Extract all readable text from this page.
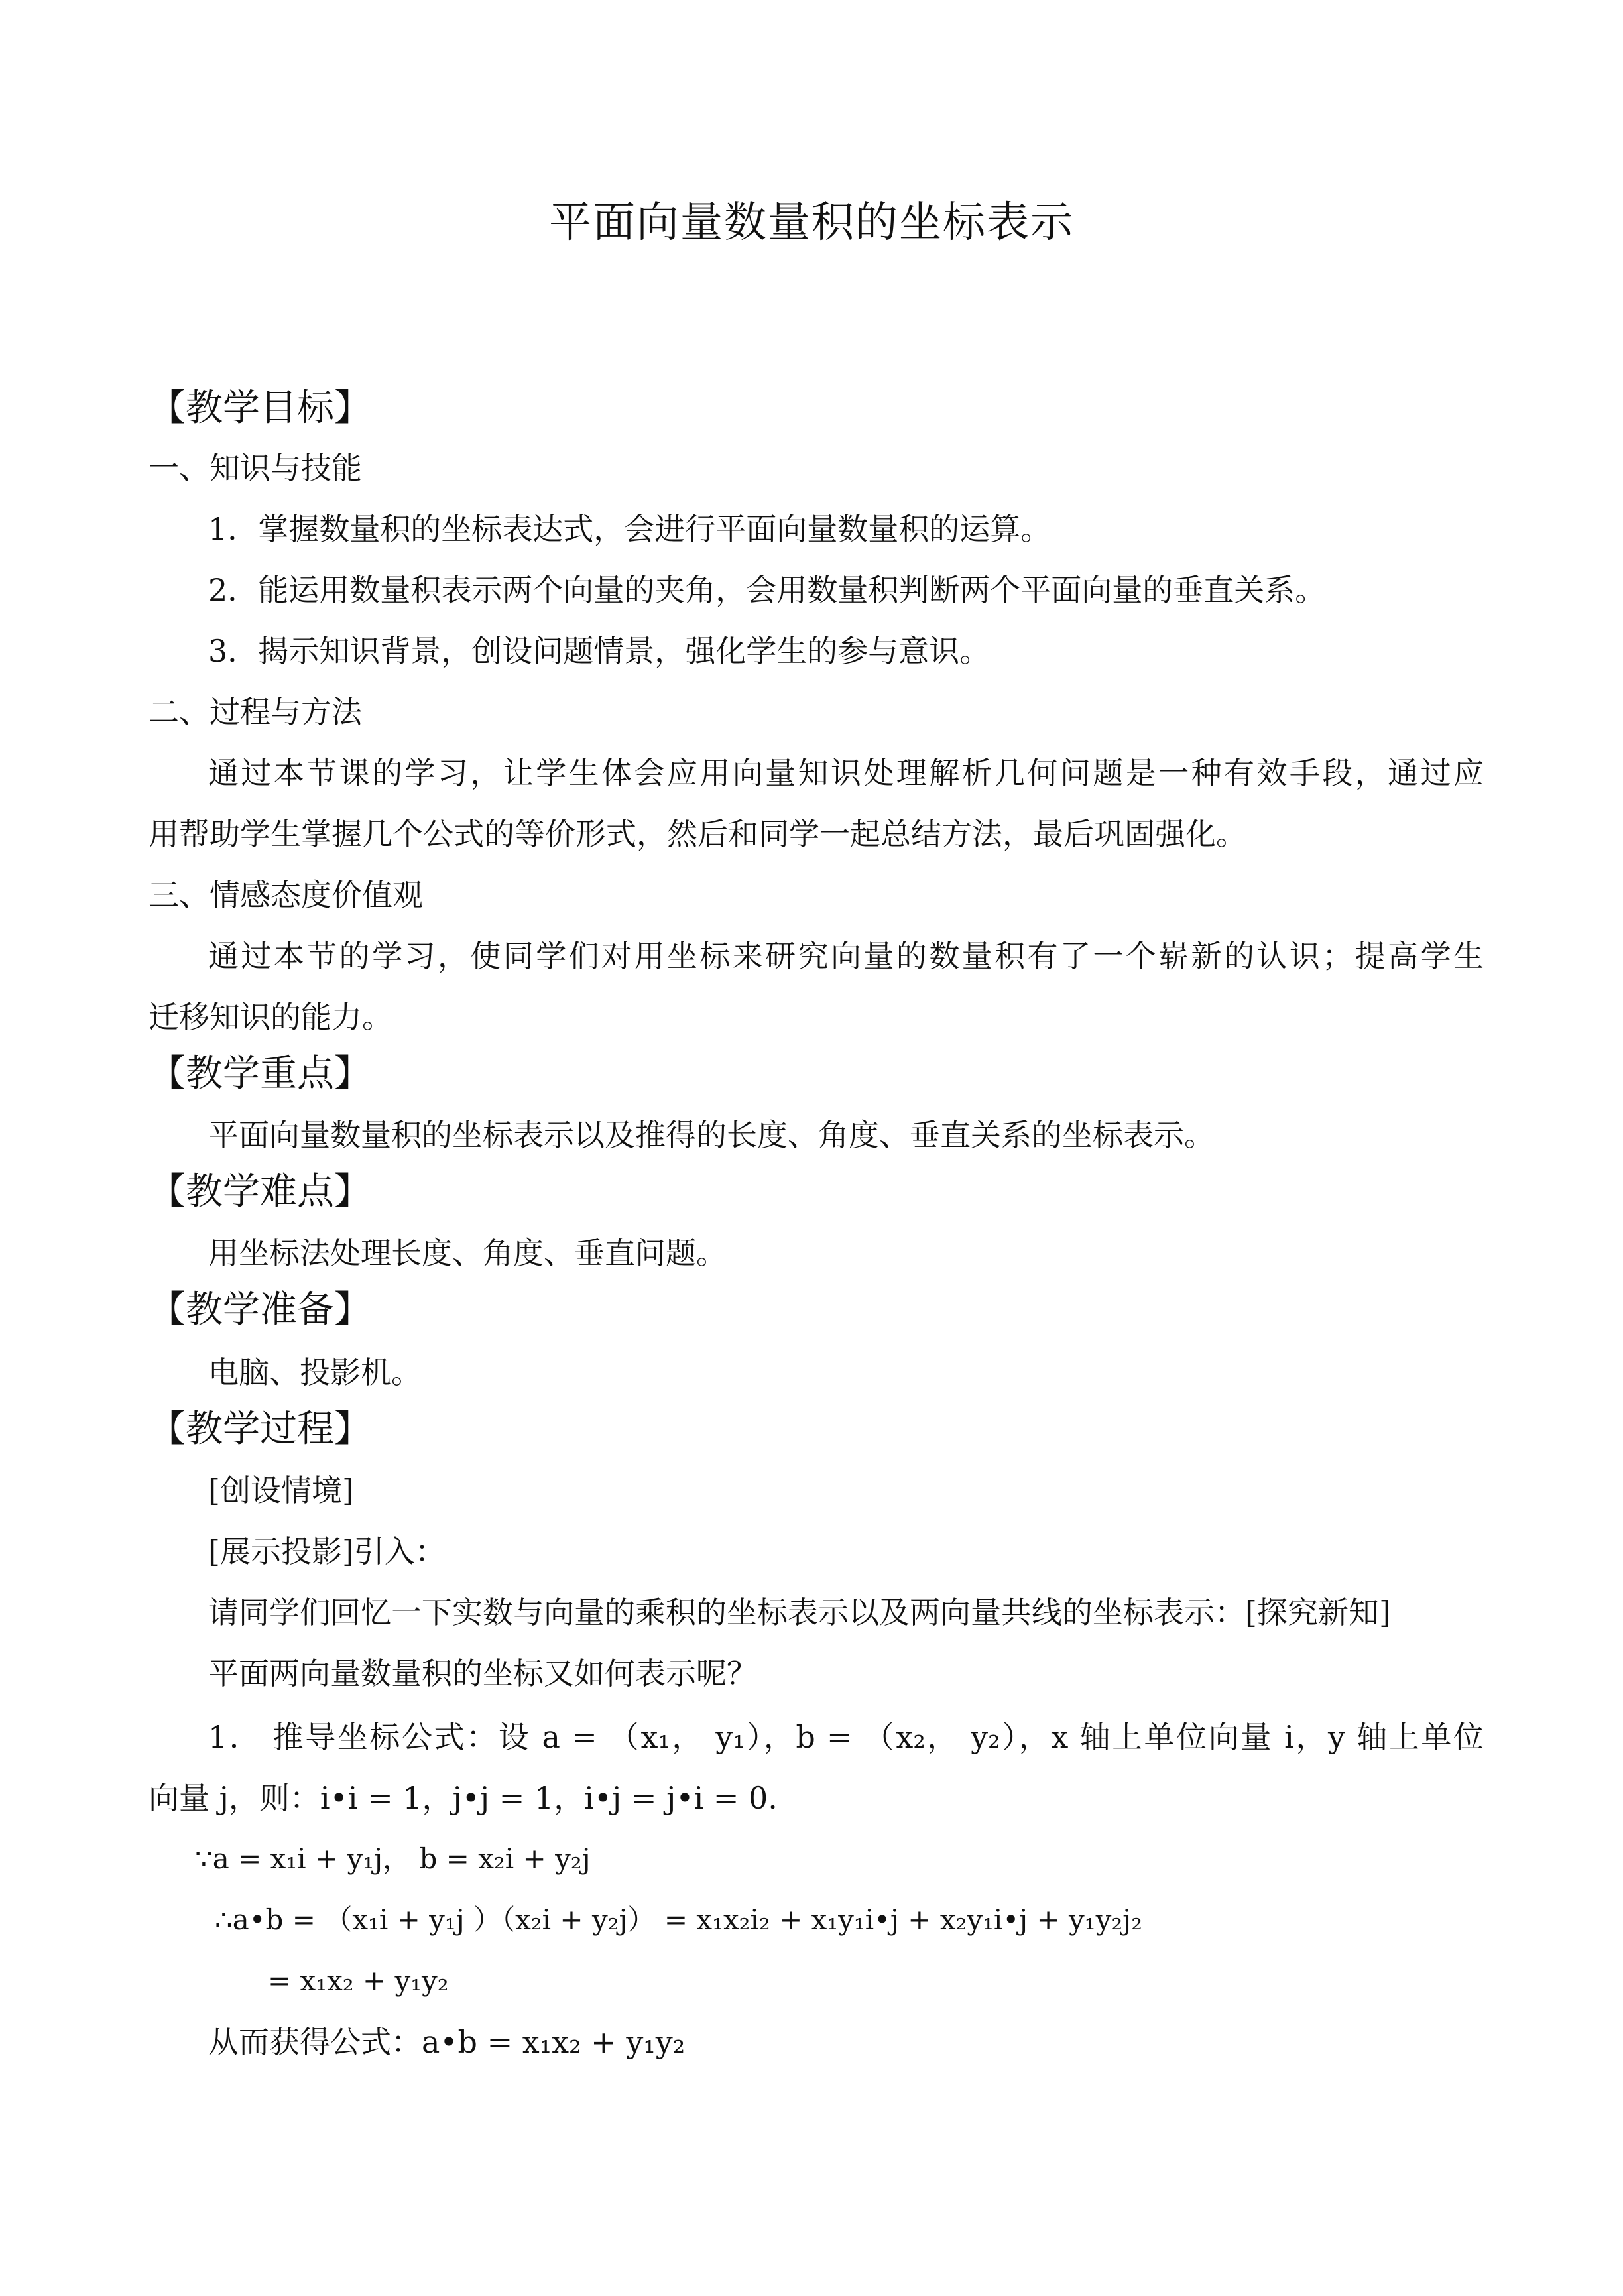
平面向量数量积的坐标表示
【教学目标】
一、知识与技能
1．掌握数量积的坐标表达式，会进行平面向量数量积的运算。
2．能运用数量积表示两个向量的夹角，会用数量积判断两个平面向量的垂直关系。
3．揭示知识背景，创设问题情景，强化学生的参与意识。
二、过程与方法
通过本节课的学习，让学生体会应用向量知识处理解析几何问题是一种有效手段，通过应
用帮助学生掌握几个公式的等价形式，然后和同学一起总结方法，最后巩固强化。
三、情感态度价值观
通过本节的学习，使同学们对用坐标来研究向量的数量积有了一个崭新的认识；提高学生
迁移知识的能力。
【教学重点】
平面向量数量积的坐标表示以及推得的长度、角度、垂直关系的坐标表示。
【教学难点】
用坐标法处理长度、角度、垂直问题。
【教学准备】
电脑、投影机。
【教学过程】
[创设情境]
[展示投影]引入：
请同学们回忆一下实数与向量的乘积的坐标表示以及两向量共线的坐标表示：[探究新知]
平面两向量数量积的坐标又如何表示呢？
1． 推导坐标公式：设 a = （x₁， y₁），b = （x₂， y₂），x 轴上单位向量 i，y 轴上单位
向量 j，则：i•i = 1，j•j = 1，i•j = j•i = 0.
∵a = x₁i + y₁j， b = x₂i + y₂j
∴a•b = （x₁i + y₁j ）（x₂i + y₂j） = x₁x₂i₂ + x₁y₁i•j + x₂y₁i•j + y₁y₂j₂
= x₁x₂ + y₁y₂
从而获得公式：a•b = x₁x₂ + y₁y₂
